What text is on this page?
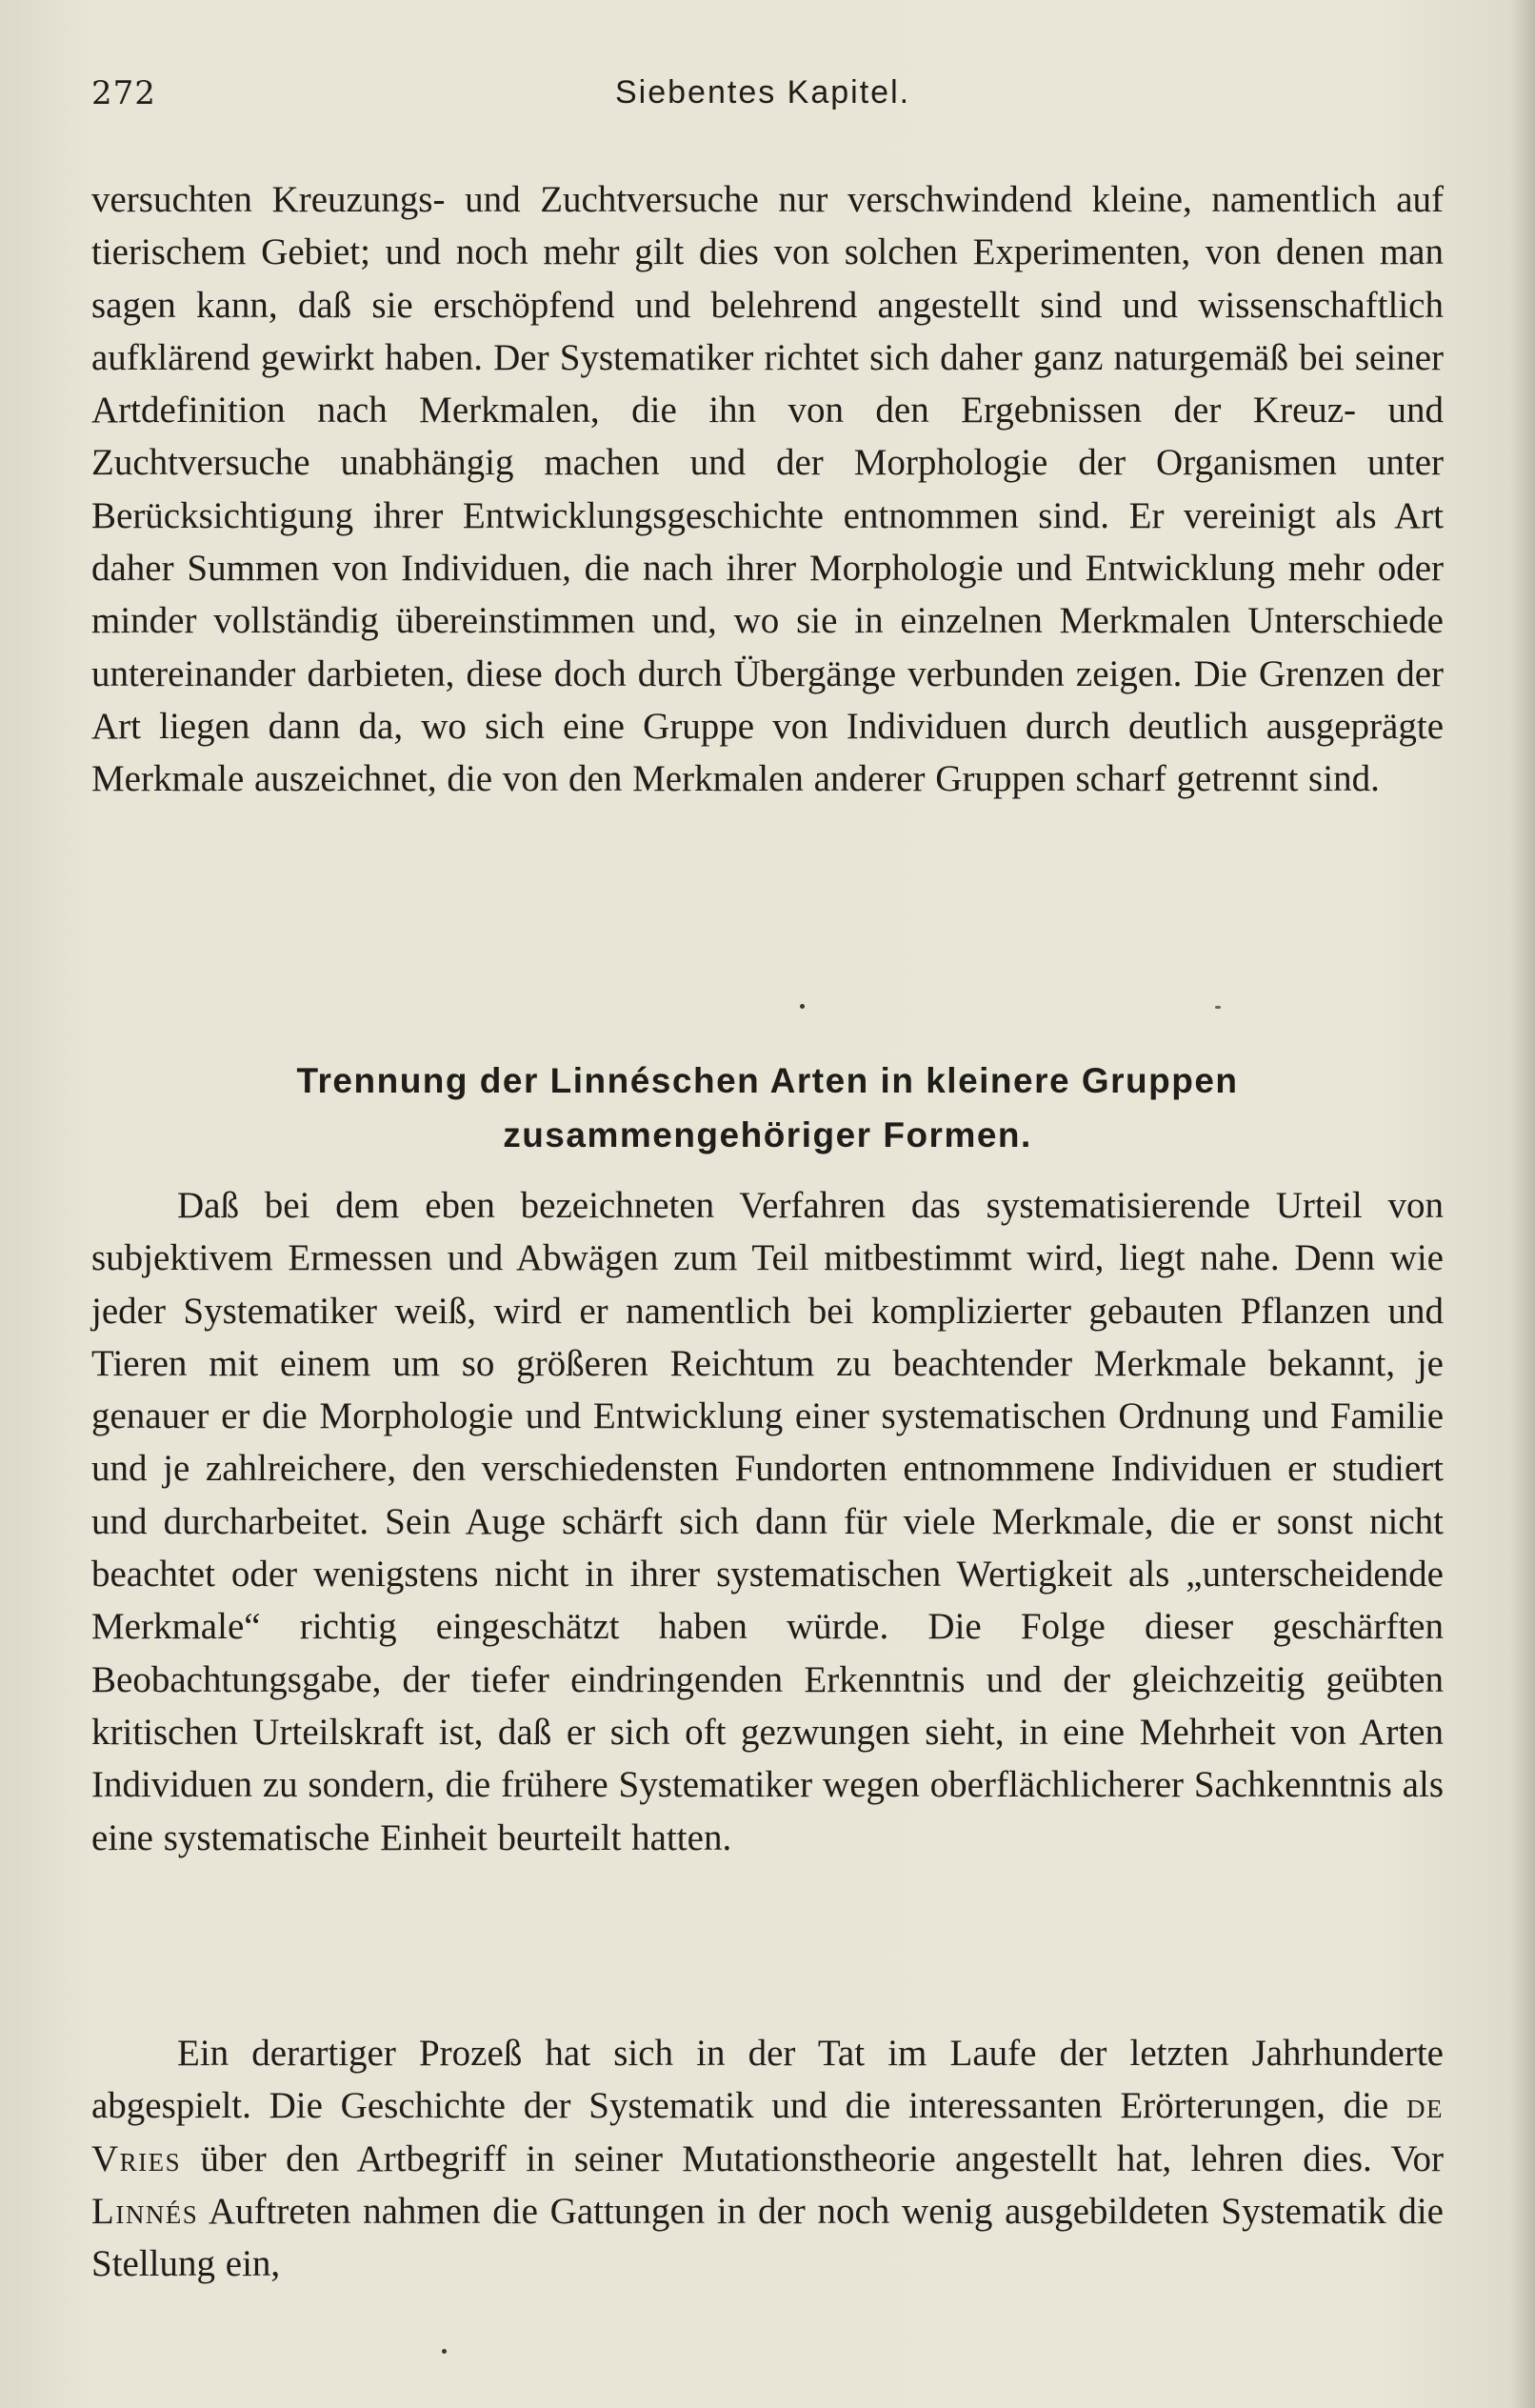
272	Siebentes Kapitel.
versuchten Kreuzungs- und Zuchtversuche nur verschwindend kleine, namentlich auf tierischem Gebiet; und noch mehr gilt dies von solchen Experimenten, von denen man sagen kann, daß sie erschöpfend und belehrend angestellt sind und wissenschaftlich aufklärend gewirkt haben. Der Systematiker richtet sich daher ganz naturgemäß bei seiner Artdefinition nach Merkmalen, die ihn von den Ergebnissen der Kreuz- und Zuchtversuche unabhängig machen und der Morphologie der Organismen unter Berücksichtigung ihrer Entwicklungsgeschichte entnommen sind. Er vereinigt als Art daher Summen von Individuen, die nach ihrer Morphologie und Entwicklung mehr oder minder vollständig übereinstimmen und, wo sie in einzelnen Merkmalen Unterschiede untereinander darbieten, diese doch durch Übergänge verbunden zeigen. Die Grenzen der Art liegen dann da, wo sich eine Gruppe von Individuen durch deutlich ausgeprägte Merkmale auszeichnet, die von den Merkmalen anderer Gruppen scharf getrennt sind.
Trennung der Linnéschen Arten in kleinere Gruppen
zusammengehöriger Formen.
Daß bei dem eben bezeichneten Verfahren das systematisierende Urteil von subjektivem Ermessen und Abwägen zum Teil mitbestimmt wird, liegt nahe. Denn wie jeder Systematiker weiß, wird er namentlich bei komplizierter gebauten Pflanzen und Tieren mit einem um so größeren Reichtum zu beachtender Merkmale bekannt, je genauer er die Morphologie und Entwicklung einer systematischen Ordnung und Familie und je zahlreichere, den verschiedensten Fundorten entnommene Individuen er studiert und durcharbeitet. Sein Auge schärft sich dann für viele Merkmale, die er sonst nicht beachtet oder wenigstens nicht in ihrer systematischen Wertigkeit als „unterscheidende Merkmale“ richtig eingeschätzt haben würde. Die Folge dieser geschärften Beobachtungsgabe, der tiefer eindringenden Erkenntnis und der gleichzeitig geübten kritischen Urteilskraft ist, daß er sich oft gezwungen sieht, in eine Mehrheit von Arten Individuen zu sondern, die frühere Systematiker wegen oberflächlicherer Sachkenntnis als eine systematische Einheit beurteilt hatten.
Ein derartiger Prozeß hat sich in der Tat im Laufe der letzten Jahrhunderte abgespielt. Die Geschichte der Systematik und die interessanten Erörterungen, die de Vries über den Artbegriff in seiner Mutationstheorie angestellt hat, lehren dies. Vor Linnés Auftreten nahmen die Gattungen in der noch wenig ausgebildeten Systematik die Stellung ein,
